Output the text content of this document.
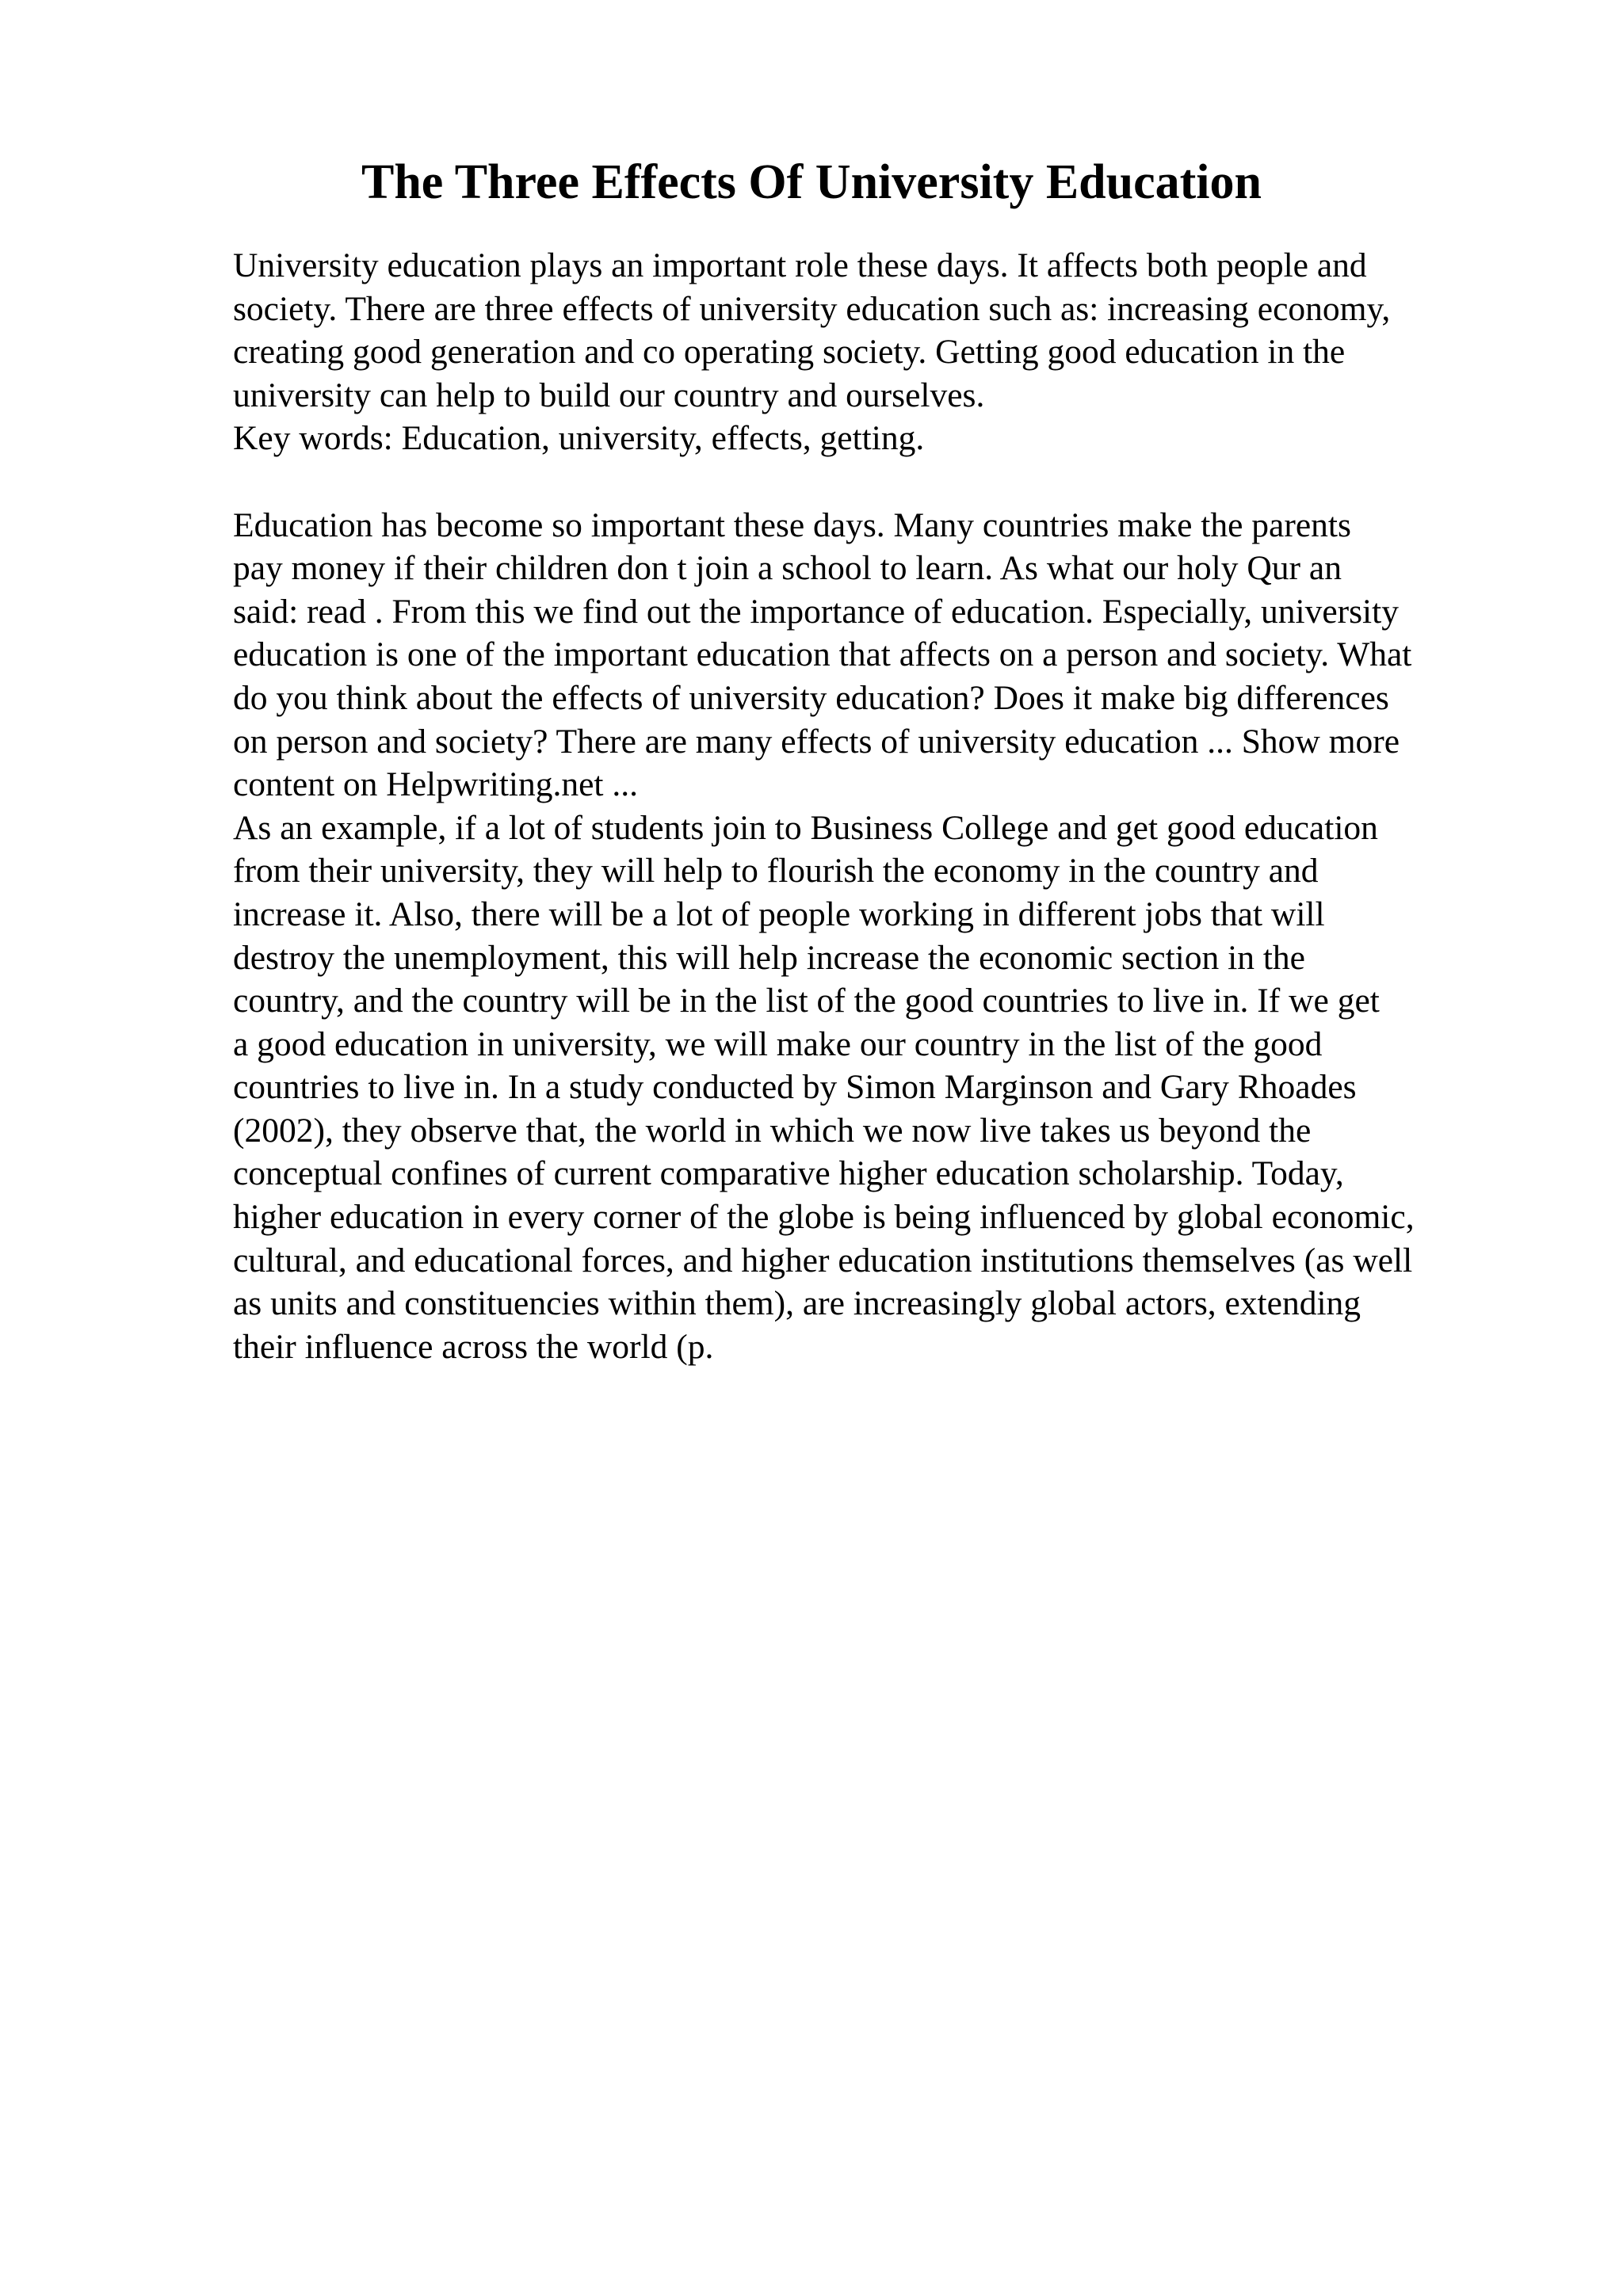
The Three Effects Of University Education
University education plays an important role these days. It affects both people and
society. There are three effects of university education such as: increasing economy,
creating good generation and co operating society. Getting good education in the
university can help to build our country and ourselves.
Key words: Education, university, effects, getting.
Education has become so important these days. Many countries make the parents
pay money if their children don t join a school to learn. As what our holy Qur an
said: read . From this we find out the importance of education. Especially, university
education is one of the important education that affects on a person and society. What
do you think about the effects of university education? Does it make big differences
on person and society? There are many effects of university education ... Show more
content on Helpwriting.net ...
As an example, if a lot of students join to Business College and get good education
from their university, they will help to flourish the economy in the country and
increase it. Also, there will be a lot of people working in different jobs that will
destroy the unemployment, this will help increase the economic section in the
country, and the country will be in the list of the good countries to live in. If we get
a good education in university, we will make our country in the list of the good
countries to live in. In a study conducted by Simon Marginson and Gary Rhoades
(2002), they observe that, the world in which we now live takes us beyond the
conceptual confines of current comparative higher education scholarship. Today,
higher education in every corner of the globe is being influenced by global economic,
cultural, and educational forces, and higher education institutions themselves (as well
as units and constituencies within them), are increasingly global actors, extending
their influence across the world (p.
